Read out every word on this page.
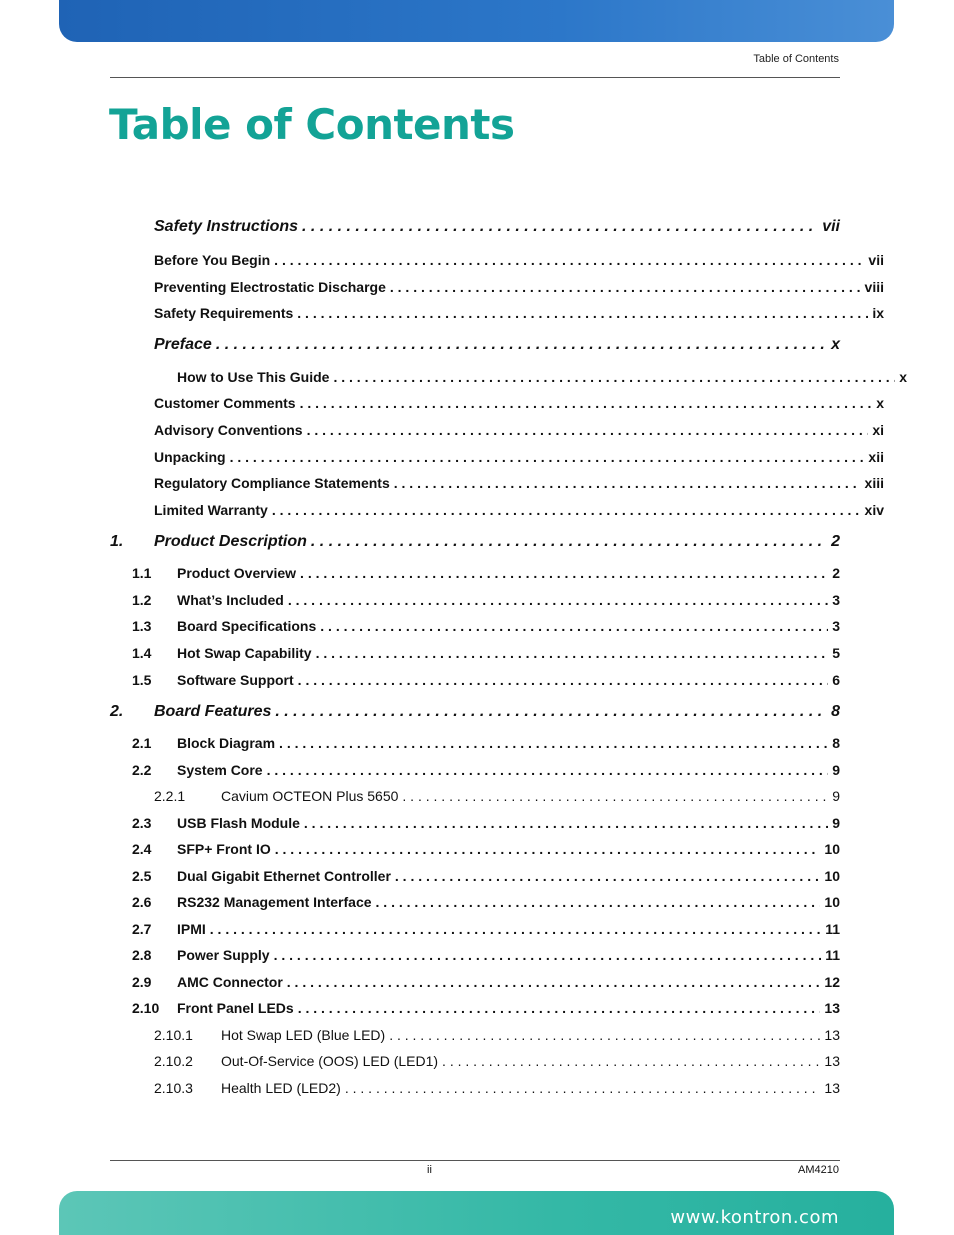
Table of Contents
Table of Contents
Safety Instructions . . .	vii
Before You Begin . . .	vii
Preventing Electrostatic Discharge . . .	viii
Safety Requirements . . .	ix
Preface . . .	x
How to Use This Guide . . .	x
Customer Comments . . .	x
Advisory Conventions . . .	xi
Unpacking . . .	xii
Regulatory Compliance Statements . . .	xiii
Limited Warranty . . .	xiv
1.	Product Description . . .	2
1.1	Product Overview . . .	2
1.2	What’s Included . . .	3
1.3	Board Specifications . . .	3
1.4	Hot Swap Capability . . .	5
1.5	Software Support . . .	6
2.	Board Features . . .	8
2.1	Block Diagram . . .	8
2.2	System Core . . .	9
2.2.1	Cavium OCTEON Plus 5650 . . .	9
2.3	USB Flash Module . . .	9
2.4	SFP+ Front IO . . .	10
2.5	Dual Gigabit Ethernet Controller . . .	10
2.6	RS232 Management Interface . . .	10
2.7	IPMI . . .	11
2.8	Power Supply . . .	11
2.9	AMC Connector . . .	12
2.10	Front Panel LEDs . . .	13
2.10.1	Hot Swap LED (Blue LED) . . .	13
2.10.2	Out-Of-Service (OOS) LED (LED1) . . .	13
2.10.3	Health LED (LED2) . . .	13
ii	AM4210
www.kontron.com
